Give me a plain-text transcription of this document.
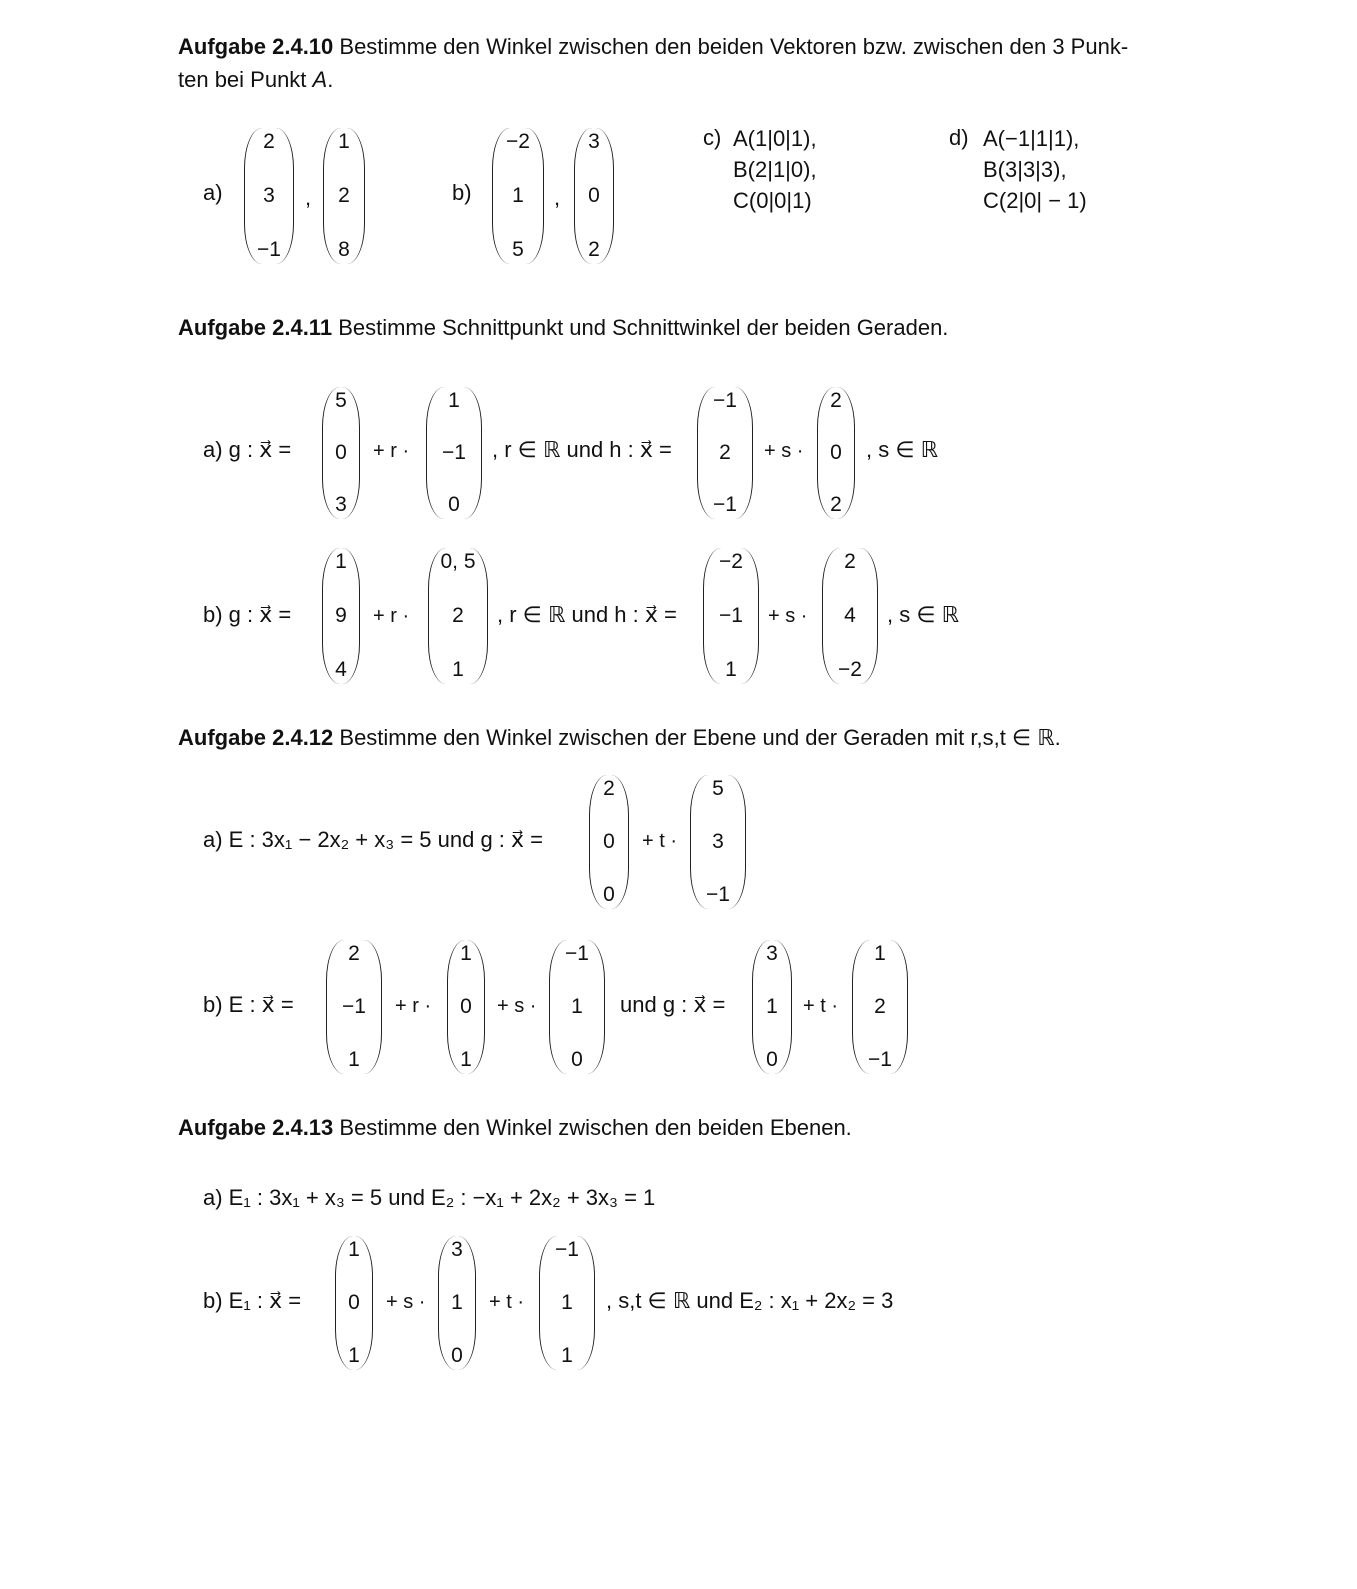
Aufgabe 2.4.10 Bestimme den Winkel zwischen den beiden Vektoren bzw. zwischen den 3 Punk-
ten bei Punkt A.
a)
2
3
−1
,
1
2
8
b)
−2
1
5
,
3
0
2
c) A(1|0|1),
B(2|1|0),
C(0|0|1)
d) A(−1|1|1),
B(3|3|3),
C(2|0| − 1)
Aufgabe 2.4.11 Bestimme Schnittpunkt und Schnittwinkel der beiden Geraden.
a) g : x⃗ =
5
0
3
+ r ·
1
−1
0
, r ∈ ℝ und h : x⃗ =
−1
2
−1
+ s ·
2
0
2
, s ∈ ℝ
b) g : x⃗ =
1
9
4
+ r ·
0, 5
2
1
, r ∈ ℝ und h : x⃗ =
−2
−1
1
+ s ·
2
4
−2
, s ∈ ℝ
Aufgabe 2.4.12 Bestimme den Winkel zwischen der Ebene und der Geraden mit r,s,t ∈ ℝ.
a) E : 3x₁ − 2x₂ + x₃ = 5 und g : x⃗ =
2
0
0
+ t ·
5
3
−1
b) E : x⃗ =
2
−1
1
+ r ·
1
0
1
+ s ·
−1
1
0
und g : x⃗ =
3
1
0
+ t ·
1
2
−1
Aufgabe 2.4.13 Bestimme den Winkel zwischen den beiden Ebenen.
a) E₁ : 3x₁ + x₃ = 5 und E₂ : −x₁ + 2x₂ + 3x₃ = 1
b) E₁ : x⃗ =
1
0
1
+ s ·
3
1
0
+ t ·
−1
1
1
, s,t ∈ ℝ und E₂ : x₁ + 2x₂ = 3
